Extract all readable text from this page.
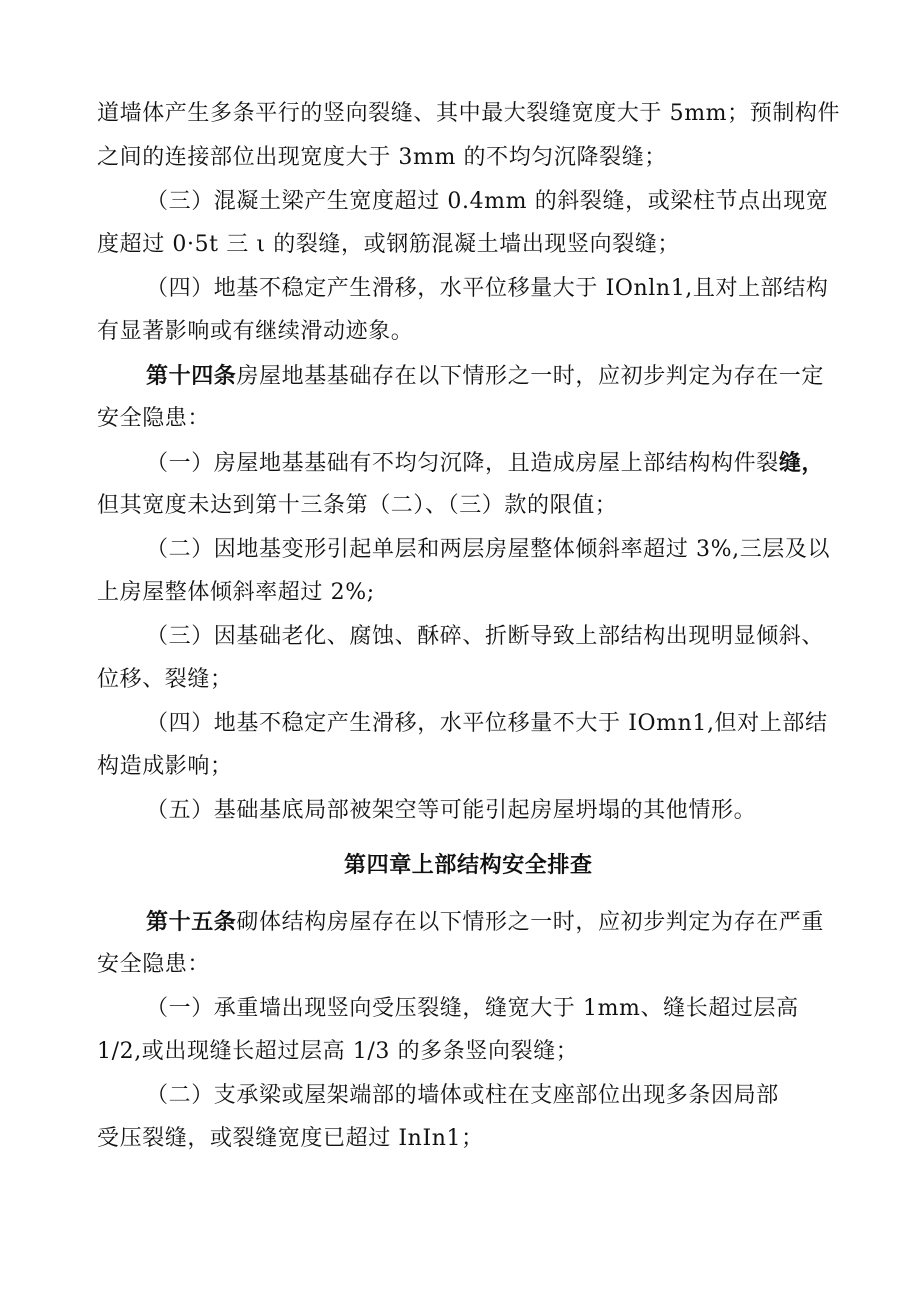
道墙体产生多条平行的竖向裂缝、其中最大裂缝宽度大于 5mm；预制构件
之间的连接部位出现宽度大于 3mm 的不均匀沉降裂缝；
（三）混凝土梁产生宽度超过 0.4mm 的斜裂缝，或梁柱节点出现宽
度超过 0·5t 三 ι 的裂缝，或钢筋混凝土墙出现竖向裂缝；
（四）地基不稳定产生滑移，水平位移量大于 IOnln1,且对上部结构
有显著影响或有继续滑动迹象。
第十四条房屋地基基础存在以下情形之一时，应初步判定为存在一定
安全隐患：
（一）房屋地基基础有不均匀沉降，且造成房屋上部结构构件裂缝，
但其宽度未达到第十三条第（二）、（三）款的限值；
（二）因地基变形引起单层和两层房屋整体倾斜率超过 3%,三层及以
上房屋整体倾斜率超过 2%;
（三）因基础老化、腐蚀、酥碎、折断导致上部结构出现明显倾斜、
位移、裂缝；
（四）地基不稳定产生滑移，水平位移量不大于 IOmn1,但对上部结
构造成影响；
（五）基础基底局部被架空等可能引起房屋坍塌的其他情形。
第四章上部结构安全排查
第十五条砌体结构房屋存在以下情形之一时，应初步判定为存在严重
安全隐患：
（一）承重墙出现竖向受压裂缝，缝宽大于 1mm、缝长超过层高
1/2,或出现缝长超过层高 1/3 的多条竖向裂缝；
（二）支承梁或屋架端部的墙体或柱在支座部位出现多条因局部
受压裂缝，或裂缝宽度已超过 InIn1；
